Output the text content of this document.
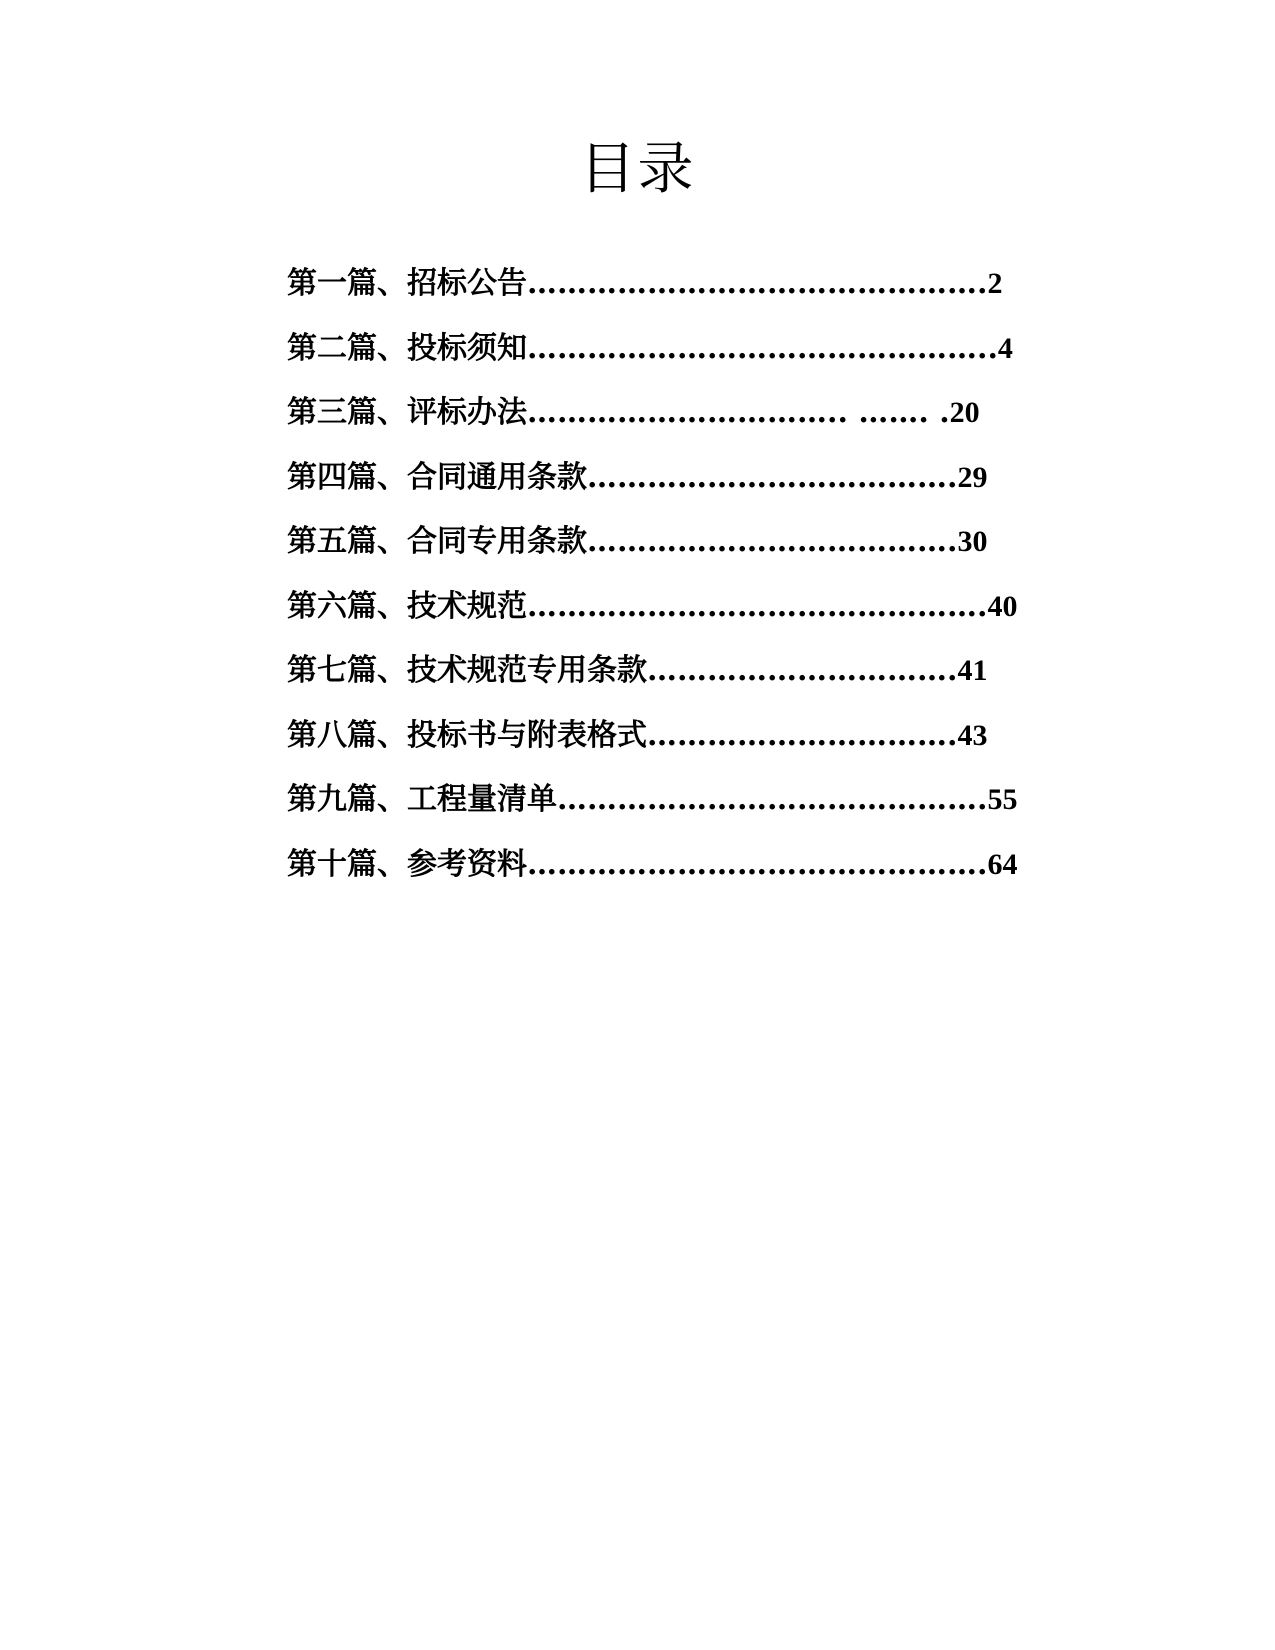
目录
第一篇、招标公告……………………………………….2
第二篇、投标须知………………………………………..4
第三篇、评标办法………………………….. ……. .20
第四篇、合同通用条款……………………………….29
第五篇、合同专用条款……………………………….30
第六篇、技术规范……………………………………….40
第七篇、技术规范专用条款………………………….41
第八篇、投标书与附表格式………………………….43
第九篇、工程量清单…………………………………….55
第十篇、参考资料……………………………………….64
